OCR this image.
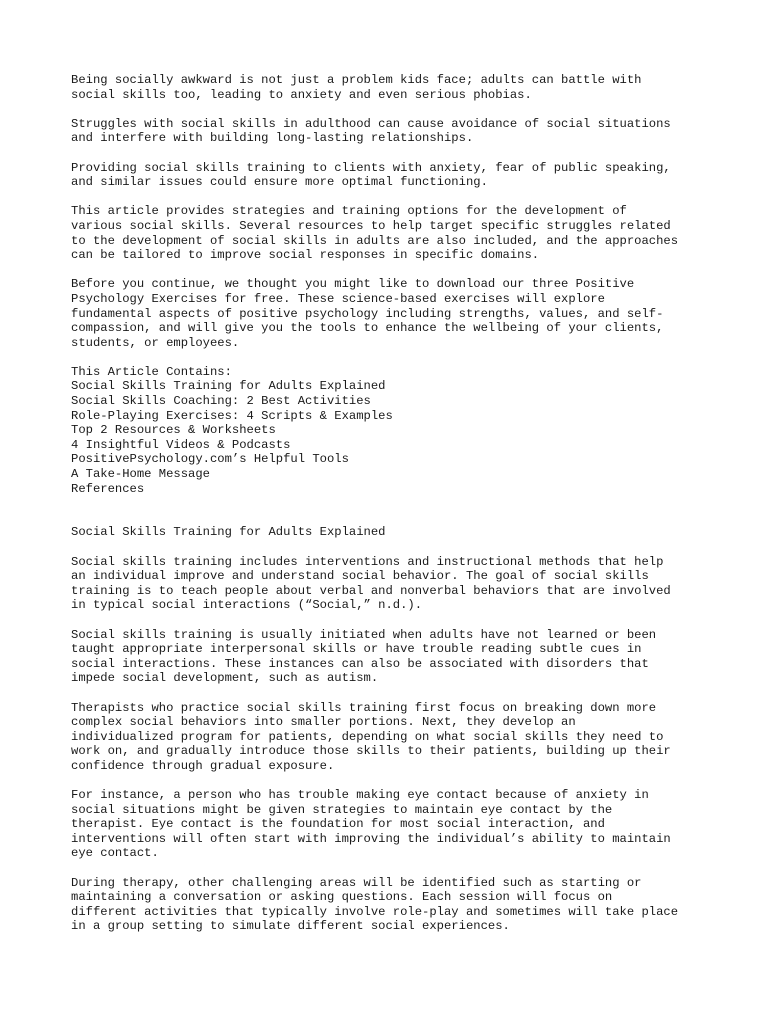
Being socially awkward is not just a problem kids face; adults can battle with
social skills too, leading to anxiety and even serious phobias.

Struggles with social skills in adulthood can cause avoidance of social situations
and interfere with building long-lasting relationships.

Providing social skills training to clients with anxiety, fear of public speaking,
and similar issues could ensure more optimal functioning.

This article provides strategies and training options for the development of
various social skills. Several resources to help target specific struggles related
to the development of social skills in adults are also included, and the approaches
can be tailored to improve social responses in specific domains.

Before you continue, we thought you might like to download our three Positive
Psychology Exercises for free. These science-based exercises will explore
fundamental aspects of positive psychology including strengths, values, and self-
compassion, and will give you the tools to enhance the wellbeing of your clients,
students, or employees.

This Article Contains:
Social Skills Training for Adults Explained
Social Skills Coaching: 2 Best Activities
Role-Playing Exercises: 4 Scripts & Examples
Top 2 Resources & Worksheets
4 Insightful Videos & Podcasts
PositivePsychology.com’s Helpful Tools
A Take-Home Message
References

Social Skills Training for Adults Explained

Social skills training includes interventions and instructional methods that help
an individual improve and understand social behavior. The goal of social skills
training is to teach people about verbal and nonverbal behaviors that are involved
in typical social interactions (“Social,” n.d.).

Social skills training is usually initiated when adults have not learned or been
taught appropriate interpersonal skills or have trouble reading subtle cues in
social interactions. These instances can also be associated with disorders that
impede social development, such as autism.

Therapists who practice social skills training first focus on breaking down more
complex social behaviors into smaller portions. Next, they develop an
individualized program for patients, depending on what social skills they need to
work on, and gradually introduce those skills to their patients, building up their
confidence through gradual exposure.

For instance, a person who has trouble making eye contact because of anxiety in
social situations might be given strategies to maintain eye contact by the
therapist. Eye contact is the foundation for most social interaction, and
interventions will often start with improving the individual’s ability to maintain
eye contact.

During therapy, other challenging areas will be identified such as starting or
maintaining a conversation or asking questions. Each session will focus on
different activities that typically involve role-play and sometimes will take place
in a group setting to simulate different social experiences.
